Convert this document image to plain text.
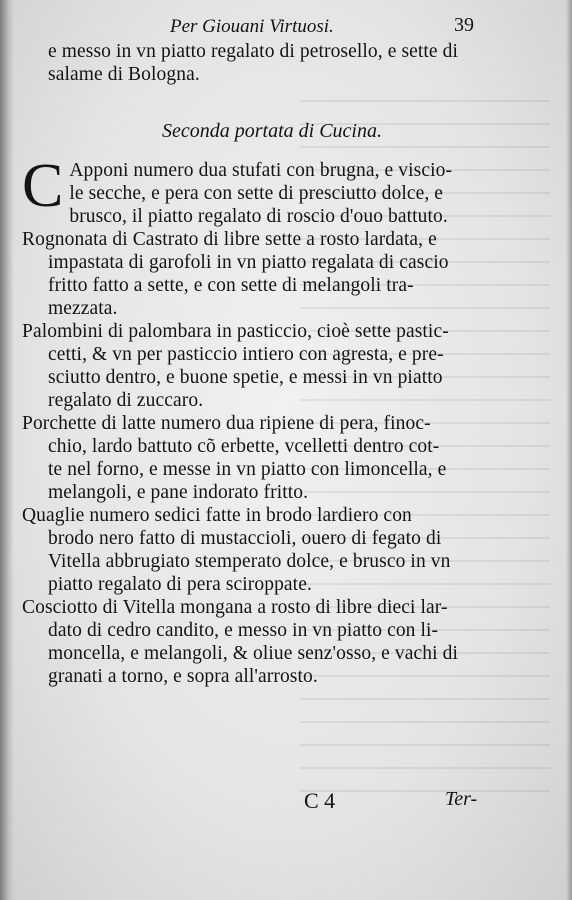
Per Giouani Virtuosi.	39
e messo in vn piatto regalato di petrosello, e sette di
salame di Bologna.
Seconda portata di Cucina.
C Apponi numero dua stufati con brugna, e viscio-
le secche, e pera con sette di presciutto dolce, e
brusco, il piatto regalato di roscio d'ouo battuto.
Rognonata di Castrato di libre sette a rosto lardata, e
impastata di garofoli in vn piatto regalata di cascio
fritto fatto a sette, e con sette di melangoli tra-
mezzata.
Palombini di palombara in pasticcio, cioè sette pastic-
cetti, & vn per pasticcio intiero con agresta, e pre-
sciutto dentro, e buone spetie, e messi in vn piatto
regalato di zuccaro.
Porchette di latte numero dua ripiene di pera, finoc-
chio, lardo battuto cõ erbette, vcelletti dentro cot-
te nel forno, e messe in vn piatto con limoncella, e
melangoli, e pane indorato fritto.
Quaglie numero sedici fatte in brodo lardiero con
brodo nero fatto di mustaccioli, ouero di fegato di
Vitella abbrugiato stemperato dolce, e brusco in vn
piatto regalato di pera sciroppate.
Cosciotto di Vitella mongana a rosto di libre dieci lar-
dato di cedro candito, e messo in vn piatto con li-
moncella, e melangoli, & oliue senz'osso, e vachi di
granati a torno, e sopra all'arrosto.
C 4	Ter-
